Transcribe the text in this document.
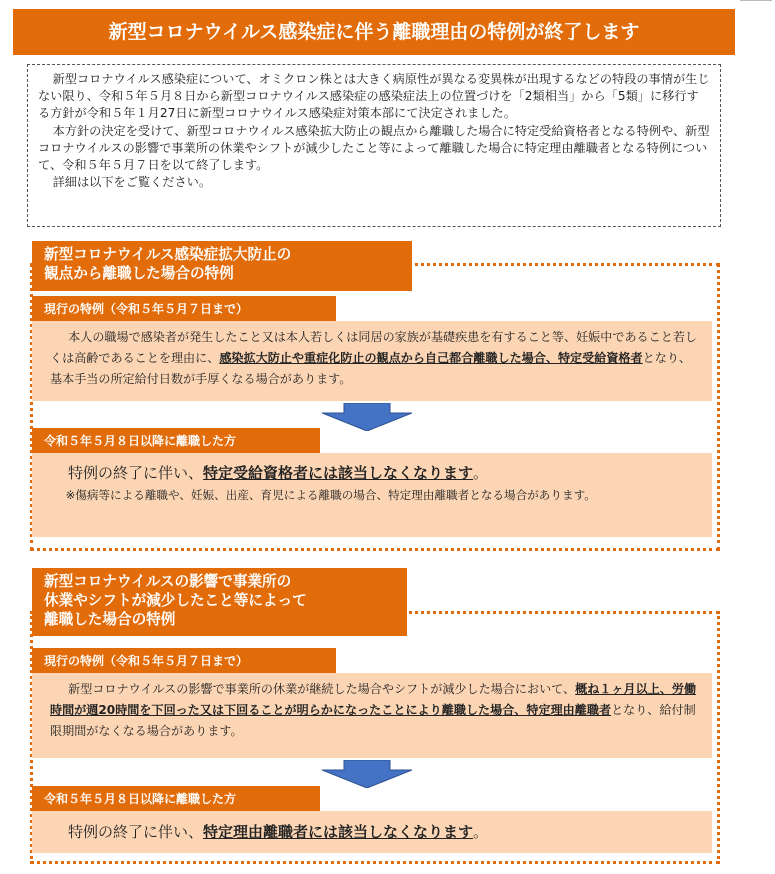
新型コロナウイルス感染症に伴う離職理由の特例が終了します

新型コロナウイルス感染症について、オミクロン株とは大きく病原性が異なる変異株が出現するなどの特段の事情が生じない限り、令和５年５月８日から新型コロナウイルス感染症の感染症法上の位置づけを「2類相当」から「5類」に移行する方針が令和５年１月27日に新型コロナウイルス感染症対策本部にて決定されました。

本方針の決定を受けて、新型コロナウイルス感染拡大防止の観点から離職した場合に特定受給資格者となる特例や、新型コロナウイルスの影響で事業所の休業やシフトが減少したこと等によって離職した場合に特定理由離職者となる特例について、令和５年５月７日を以て終了します。

詳細は以下をご覧ください。

新型コロナウイルス感染症拡大防止の
観点から離職した場合の特例
現行の特例（令和５年５月７日まで）

本人の職場で感染者が発生したこと又は本人若しくは同居の家族が基礎疾患を有すること等、妊娠中であること若しくは高齢であることを理由に、感染拡大防止や重症化防止の観点から自己都合離職した場合、特定受給資格者となり、基本手当の所定給付日数が手厚くなる場合があります。

令和５年５月８日以降に離職した方
特例の終了に伴い、特定受給資格者には該当しなくなります。
※傷病等による離職や、妊娠、出産、育児による離職の場合、特定理由離職者となる場合があります。
新型コロナウイルスの影響で事業所の
休業やシフトが減少したこと等によって
離職した場合の特例
現行の特例（令和５年５月７日まで）

新型コロナウイルスの影響で事業所の休業が継続した場合やシフトが減少した場合において、概ね１ヶ月以上、労働時間が週20時間を下回った又は下回ることが明らかになったことにより離職した場合、特定理由離職者となり、給付制限期間がなくなる場合があります。

令和５年５月８日以降に離職した方
特例の終了に伴い、特定理由離職者には該当しなくなります。
